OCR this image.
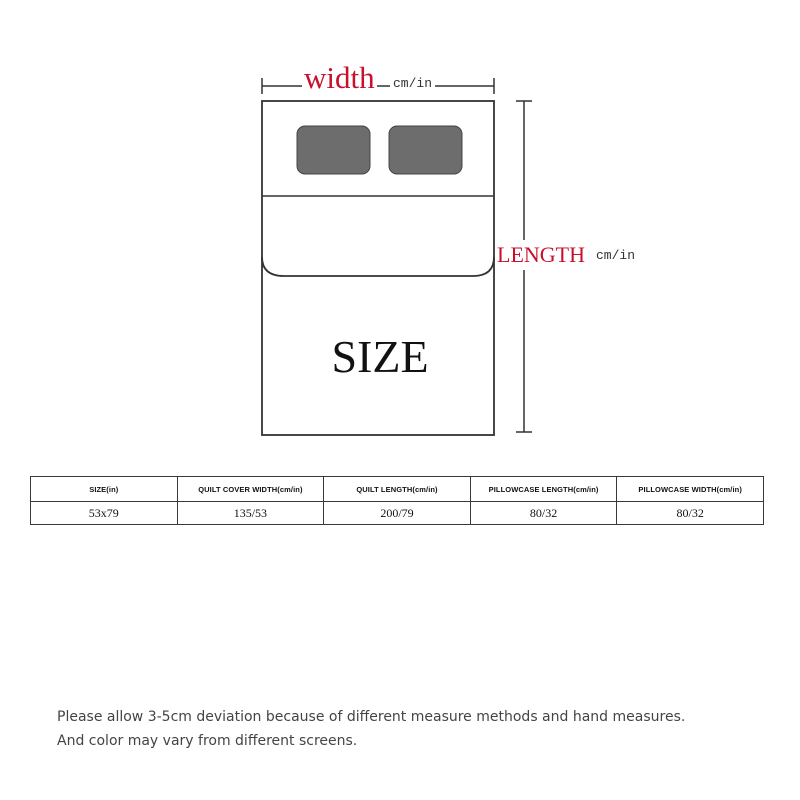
width cm/in
LENGTH cm/in
SIZE
SIZE(in)	QUILT COVER WIDTH(cm/in)	QUILT LENGTH(cm/in)	PILLOWCASE LENGTH(cm/in)	PILLOWCASE WIDTH(cm/in)
53x79	135/53	200/79	80/32	80/32
Please allow 3-5cm deviation because of different measure methods and hand measures.
And color may vary from different screens.
